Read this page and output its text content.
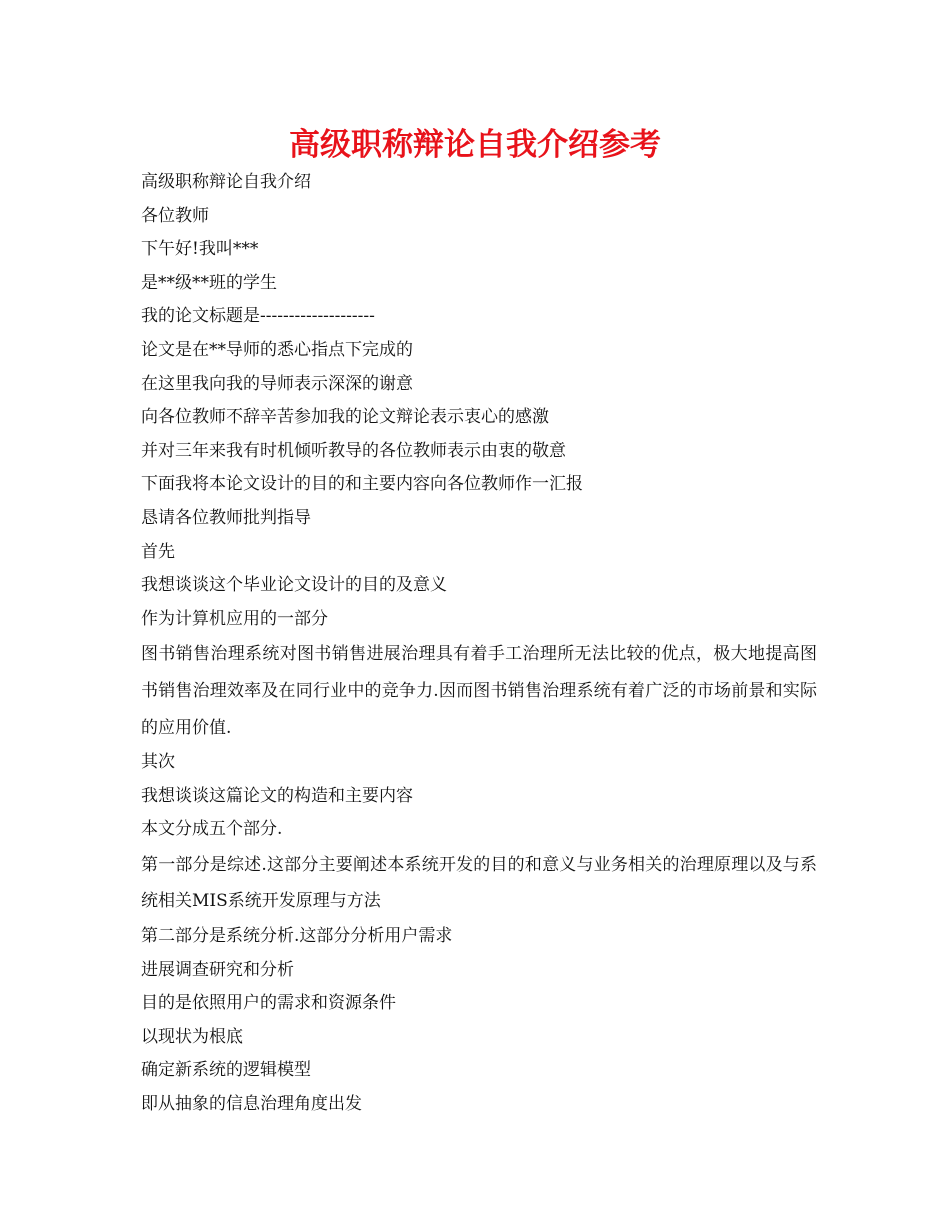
高级职称辩论自我介绍参考
高级职称辩论自我介绍
各位教师
下午好!我叫***
是**级**班的学生
我的论文标题是--------------------
论文是在**导师的悉心指点下完成的
在这里我向我的导师表示深深的谢意
向各位教师不辞辛苦参加我的论文辩论表示衷心的感激
并对三年来我有时机倾听教导的各位教师表示由衷的敬意
下面我将本论文设计的目的和主要内容向各位教师作一汇报
恳请各位教师批判指导
首先
我想谈谈这个毕业论文设计的目的及意义
作为计算机应用的一部分
图书销售治理系统对图书销售进展治理具有着手工治理所无法比较的优点，极大地提高图书销售治理效率及在同行业中的竞争力.因而图书销售治理系统有着广泛的市场前景和实际的应用价值.
其次
我想谈谈这篇论文的构造和主要内容
本文分成五个部分.
第一部分是综述.这部分主要阐述本系统开发的目的和意义与业务相关的治理原理以及与系统相关MIS系统开发原理与方法
第二部分是系统分析.这部分分析用户需求
进展调查研究和分析
目的是依照用户的需求和资源条件
以现状为根底
确定新系统的逻辑模型
即从抽象的信息治理角度出发
